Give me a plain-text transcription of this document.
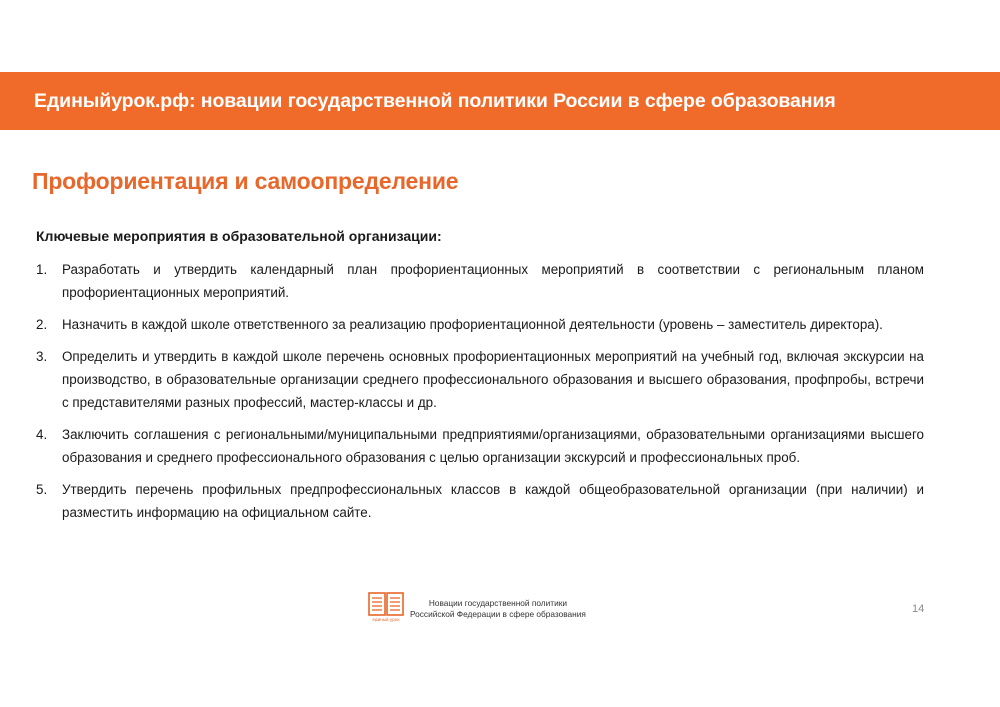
Единыйурок.рф: новации государственной политики России в сфере образования
Профориентация и самоопределение
Ключевые мероприятия в образовательной организации:
1. Разработать и утвердить календарный план профориентационных мероприятий в соответствии с региональным планом профориентационных мероприятий.
2. Назначить в каждой школе ответственного за реализацию профориентационной деятельности (уровень – заместитель директора).
3. Определить и утвердить в каждой школе перечень основных профориентационных мероприятий на учебный год, включая экскурсии на производство, в образовательные организации среднего профессионального образования и высшего образования, профпробы, встречи с представителями разных профессий, мастер-классы и др.
4. Заключить соглашения с региональными/муниципальными предприятиями/организациями, образовательными организациями высшего образования и среднего профессионального образования с целью организации экскурсий и профессиональных проб.
5. Утвердить перечень профильных предпрофессиональных классов в каждой общеобразовательной организации (при наличии) и разместить информацию на официальном сайте.
единый урок
Новации государственной политики
Российской Федерации в сфере образования	14
